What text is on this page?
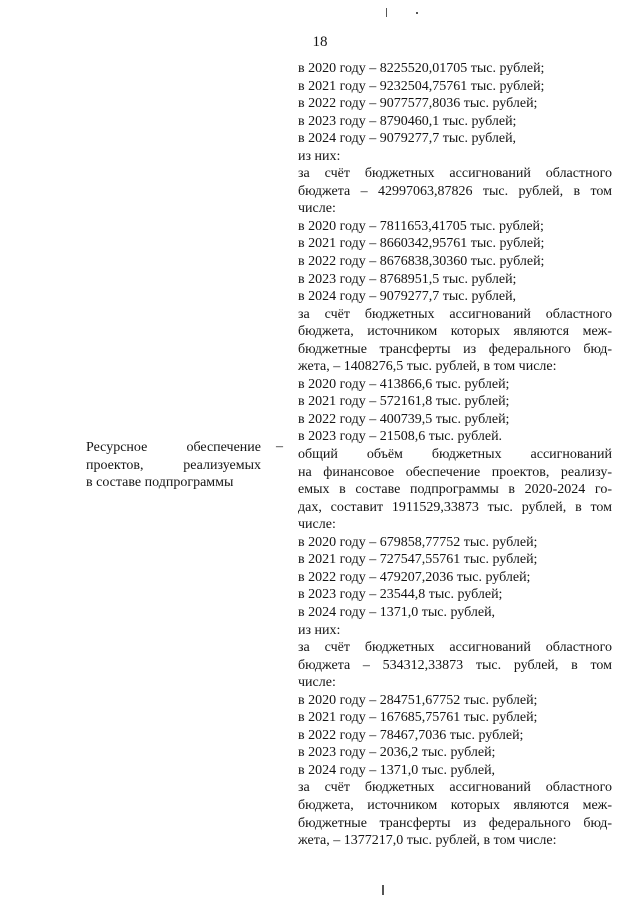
18
Ресурсное обеспечение
проектов, реализуемых
в составе подпрограммы
–
в 2020 году – 8225520,01705 тыс. рублей;
в 2021 году – 9232504,75761 тыс. рублей;
в 2022 году – 9077577,8036 тыс. рублей;
в 2023 году – 8790460,1 тыс. рублей;
в 2024 году – 9079277,7 тыс. рублей,
из них:
за счёт бюджетных ассигнований областного
бюджета – 42997063,87826 тыс. рублей, в том
числе:
в 2020 году – 7811653,41705 тыс. рублей;
в 2021 году – 8660342,95761 тыс. рублей;
в 2022 году – 8676838,30360 тыс. рублей;
в 2023 году – 8768951,5 тыс. рублей;
в 2024 году – 9079277,7 тыс. рублей,
за счёт бюджетных ассигнований областного
бюджета, источником которых являются меж-
бюджетные трансферты из федерального бюд-
жета, – 1408276,5 тыс. рублей, в том числе:
в 2020 году – 413866,6 тыс. рублей;
в 2021 году – 572161,8 тыс. рублей;
в 2022 году – 400739,5 тыс. рублей;
в 2023 году – 21508,6 тыс. рублей.
общий объём бюджетных ассигнований
на финансовое обеспечение проектов, реализу-
емых в составе подпрограммы в 2020-2024 го-
дах, составит 1911529,33873 тыс. рублей, в том
числе:
в 2020 году – 679858,77752 тыс. рублей;
в 2021 году – 727547,55761 тыс. рублей;
в 2022 году – 479207,2036 тыс. рублей;
в 2023 году – 23544,8 тыс. рублей;
в 2024 году – 1371,0 тыс. рублей,
из них:
за счёт бюджетных ассигнований областного
бюджета – 534312,33873 тыс. рублей, в том
числе:
в 2020 году – 284751,67752 тыс. рублей;
в 2021 году – 167685,75761 тыс. рублей;
в 2022 году – 78467,7036 тыс. рублей;
в 2023 году – 2036,2 тыс. рублей;
в 2024 году – 1371,0 тыс. рублей,
за счёт бюджетных ассигнований областного
бюджета, источником которых являются меж-
бюджетные трансферты из федерального бюд-
жета, – 1377217,0 тыс. рублей, в том числе:
